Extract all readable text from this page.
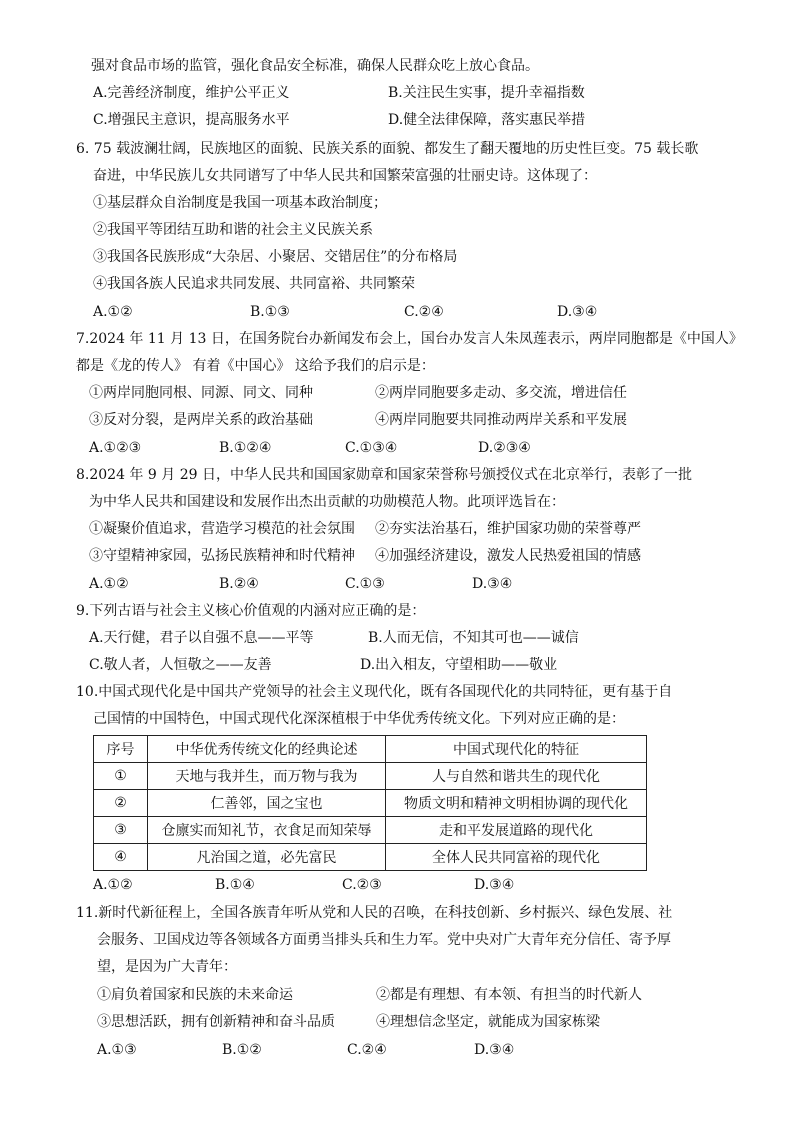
强对食品市场的监管，强化食品安全标准，确保人民群众吃上放心食品。
A.完善经济制度，维护公平正义	B.关注民生实事，提升幸福指数
C.增强民主意识，提高服务水平	D.健全法律保障，落实惠民举措
6. 75 载波澜壮阔，民族地区的面貌、民族关系的面貌、都发生了翻天覆地的历史性巨变。75 载长歌
奋进，中华民族儿女共同谱写了中华人民共和国繁荣富强的壮丽史诗。这体现了：
①基层群众自治制度是我国一项基本政治制度；
②我国平等团结互助和谐的社会主义民族关系
③我国各民族形成“大杂居、小聚居、交错居住”的分布格局
④我国各族人民追求共同发展、共同富裕、共同繁荣
A.①②	B.①③	C.②④	D.③④
7.2024 年 11 月 13 日，在国务院台办新闻发布会上，国台办发言人朱凤莲表示，两岸同胞都是《中国人》
都是《龙的传人》 有着《中国心》 这给予我们的启示是：
①两岸同胞同根、同源、同文、同种	②两岸同胞要多走动、多交流，增进信任
③反对分裂，是两岸关系的政治基础	④两岸同胞要共同推动两岸关系和平发展
A.①②③	B.①②④	C.①③④	D.②③④
8.2024 年 9 月 29 日，中华人民共和国国家勋章和国家荣誉称号颁授仪式在北京举行，表彰了一批
为中华人民共和国建设和发展作出杰出贡献的功勋模范人物。此项评选旨在：
①凝聚价值追求，营造学习模范的社会氛围 ②夯实法治基石，维护国家功勋的荣誉尊严
③守望精神家园，弘扬民族精神和时代精神 ④加强经济建设，激发人民热爱祖国的情感
A.①②	B.②④	C.①③	D.③④
9.下列古语与社会主义核心价值观的内涵对应正确的是：
A.天行健，君子以自强不息——平等	B.人而无信，不知其可也——诚信
C.敬人者，人恒敬之——友善	D.出入相友，守望相助——敬业
10.中国式现代化是中国共产党领导的社会主义现代化，既有各国现代化的共同特征，更有基于自
己国情的中国特色，中国式现代化深深植根于中华优秀传统文化。下列对应正确的是：
序号	中华优秀传统文化的经典论述	中国式现代化的特征
①	天地与我并生，而万物与我为	人与自然和谐共生的现代化
②	仁善邻，国之宝也	物质文明和精神文明相协调的现代化
③	仓廪实而知礼节，衣食足而知荣辱	走和平发展道路的现代化
④	凡治国之道，必先富民	全体人民共同富裕的现代化
A.①②	B.①④	C.②③	D.③④
11.新时代新征程上，全国各族青年听从党和人民的召唤，在科技创新、乡村振兴、绿色发展、社
会服务、卫国戍边等各领域各方面勇当排头兵和生力军。党中央对广大青年充分信任、寄予厚
望，是因为广大青年：
①肩负着国家和民族的未来命运	②都是有理想、有本领、有担当的时代新人
③思想活跃，拥有创新精神和奋斗品质	④理想信念坚定，就能成为国家栋梁
A.①③	B.①②	C.②④	D.③④
